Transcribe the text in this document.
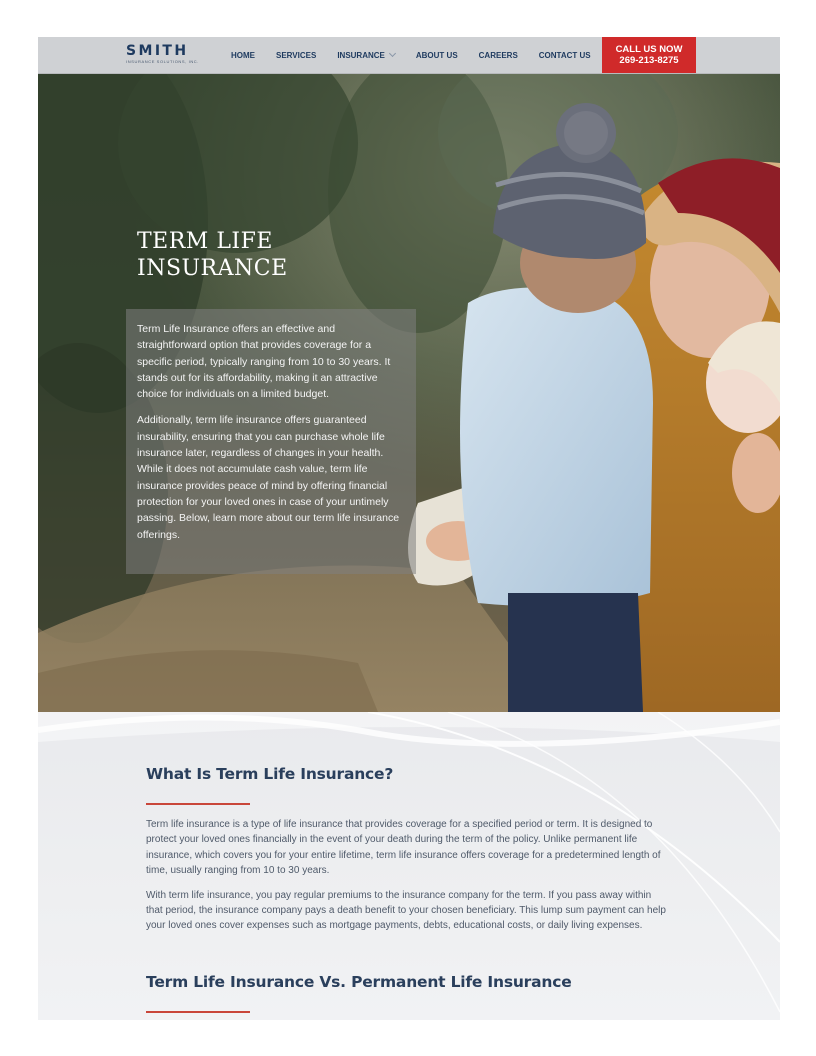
SMITH
INSURANCE SOLUTIONS, INC.
HOME	SERVICES	INSURANCE	ABOUT US	CAREERS	CONTACT US	CALL US NOW
269-213-8275
TERM LIFE
INSURANCE

Term Life Insurance offers an effective and straightforward option that provides coverage for a specific period, typically ranging from 10 to 30 years. It stands out for its affordability, making it an attractive choice for individuals on a limited budget.

Additionally, term life insurance offers guaranteed insurability, ensuring that you can purchase whole life insurance later, regardless of changes in your health. While it does not accumulate cash value, term life insurance provides peace of mind by offering financial protection for your loved ones in case of your untimely passing. Below, learn more about our term life insurance offerings.

What Is Term Life Insurance?

Term life insurance is a type of life insurance that provides coverage for a specified period or term. It is designed to protect your loved ones financially in the event of your death during the term of the policy. Unlike permanent life insurance, which covers you for your entire lifetime, term life insurance offers coverage for a predetermined length of time, usually ranging from 10 to 30 years.

With term life insurance, you pay regular premiums to the insurance company for the term. If you pass away within that period, the insurance company pays a death benefit to your chosen beneficiary. This lump sum payment can help your loved ones cover expenses such as mortgage payments, debts, educational costs, or daily living expenses.

Term Life Insurance Vs. Permanent Life Insurance
